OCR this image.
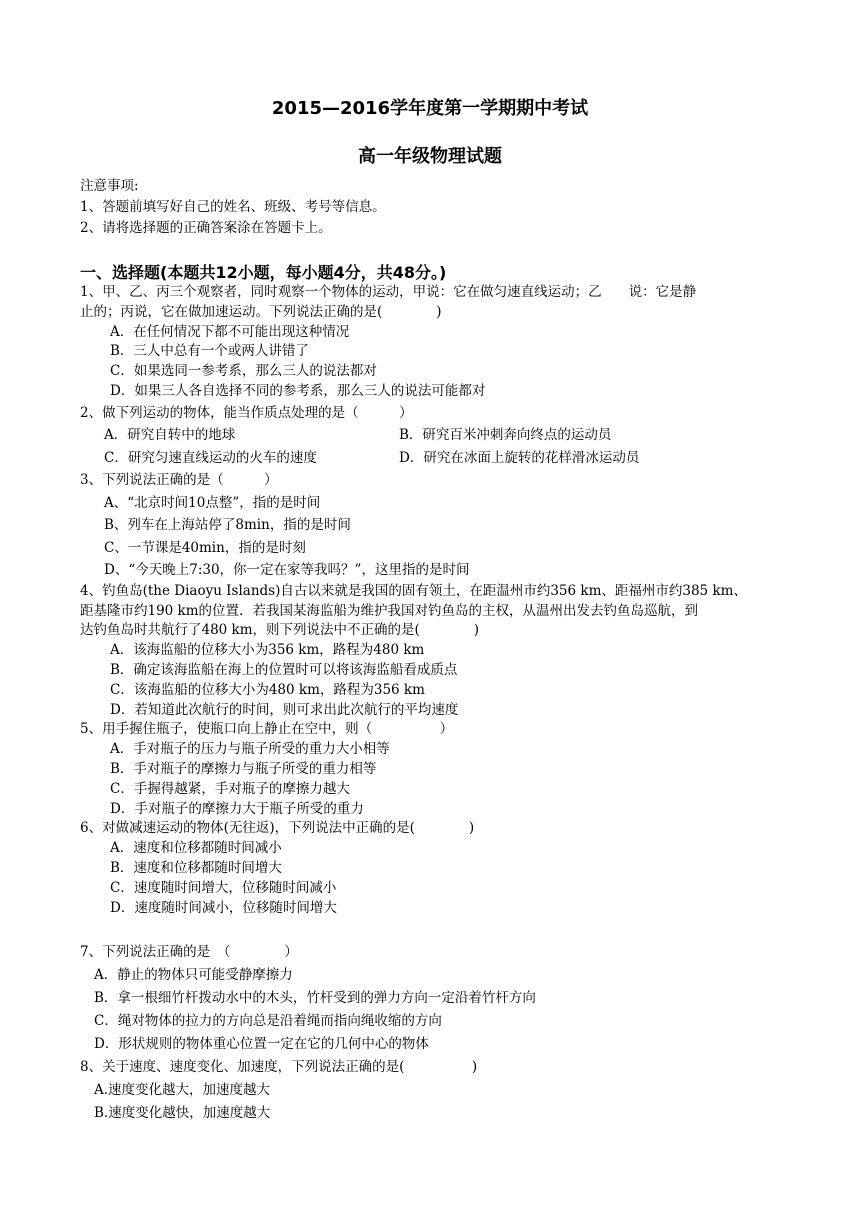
2015—2016学年度第一学期期中考试
高一年级物理试题
注意事项:
1、答题前填写好自己的姓名、班级、考号等信息。
2、请将选择题的正确答案涂在答题卡上。
一、选择题(本题共12小题，每小题4分，共48分。)

1、甲、乙、丙三个观察者，同时观察一个物体的运动，甲说：它在做匀速直线运动；乙　　说：它是静

止的；丙说，它在做加速运动。下列说法正确的是(　　　　)

A．在任何情况下都不可能出现这种情况

B．三人中总有一个或两人讲错了

C．如果选同一参考系，那么三人的说法都对

D．如果三人各自选择不同的参考系，那么三人的说法可能都对

2、做下列运动的物体，能当作质点处理的是（　　　）

A．研究自转中的地球	B．研究百米冲刺奔向终点的运动员
C．研究匀速直线运动的火车的速度	D．研究在冰面上旋转的花样滑冰运动员

3、下列说法正确的是（　　　）

A、“北京时间10点整”，指的是时间

B、列车在上海站停了8min，指的是时间

C、一节课是40min，指的是时刻

D、“今天晚上7:30，你一定在家等我吗？”，这里指的是时间

4、钓鱼岛(the Diaoyu Islands)自古以来就是我国的固有领土，在距温州市约356 km、距福州市约385 km、

距基隆市约190 km的位置．若我国某海监船为维护我国对钓鱼岛的主权，从温州出发去钓鱼岛巡航，到

达钓鱼岛时共航行了480 km，则下列说法中不正确的是(　　　　)

A．该海监船的位移大小为356 km，路程为480 km

B．确定该海监船在海上的位置时可以将该海监船看成质点

C．该海监船的位移大小为480 km，路程为356 km

D．若知道此次航行的时间，则可求出此次航行的平均速度

5、用手握住瓶子，使瓶口向上静止在空中，则（　　　　　）

A．手对瓶子的压力与瓶子所受的重力大小相等

B．手对瓶子的摩擦力与瓶子所受的重力相等

C．手握得越紧，手对瓶子的摩擦力越大

D．手对瓶子的摩擦力大于瓶子所受的重力

6、对做减速运动的物体(无往返)，下列说法中正确的是(　　　　)

A．速度和位移都随时间减小

B．速度和位移都随时间增大

C．速度随时间增大，位移随时间减小

D．速度随时间减小，位移随时间增大

7、下列说法正确的是　（　　　　）

A．静止的物体只可能受静摩擦力

B．拿一根细竹杆拨动水中的木头，竹杆受到的弹力方向一定沿着竹杆方向

C．绳对物体的拉力的方向总是沿着绳而指向绳收缩的方向

D．形状规则的物体重心位置一定在它的几何中心的物体

8、关于速度、速度变化、加速度，下列说法正确的是(　　　　　)

A.速度变化越大，加速度越大

B.速度变化越快，加速度越大
